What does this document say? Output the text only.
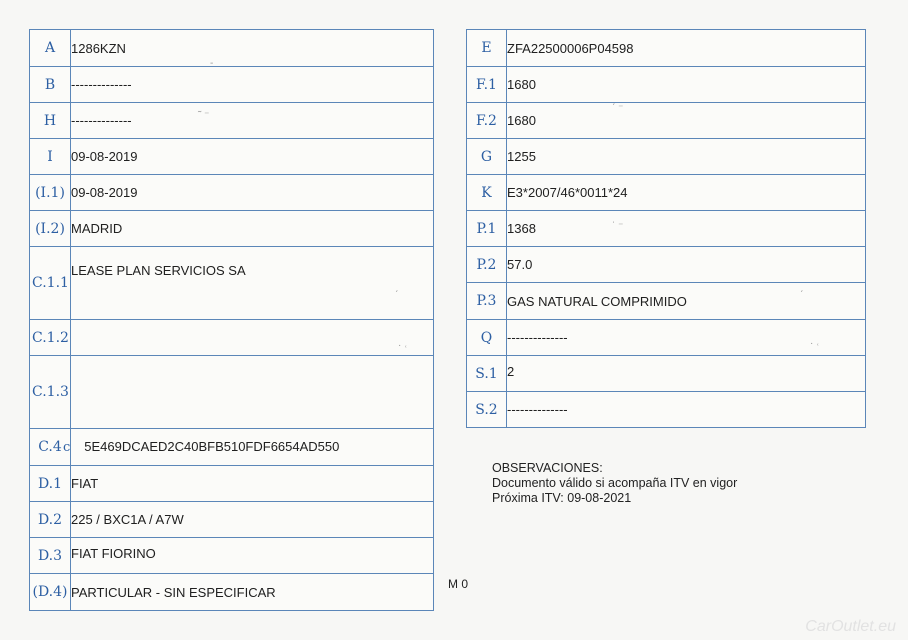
A	1286KZN
B	--------------
H	--------------
I	09-08-2019
(I.1)	09-08-2019
(I.2)	MADRID
C.1.1	LEASE PLAN SERVICIOS SA
C.1.2	
C.1.3	
C.4	c 5E469DCAED2C40BFB510FDF6654AD550
D.1	FIAT
D.2	225 / BXC1A / A7W
D.3	FIAT FIORINO
(D.4)	PARTICULAR - SIN ESPECIFICAR
E	ZFA22500006P04598
F.1	1680
F.2	1680
G	1255
K	E3*2007/46*0011*24
P.1	1368
P.2	57.0
P.3	GAS NATURAL COMPRIMIDO
Q	--------------
S.1	2
S.2	--------------
OBSERVACIONES:
Documento válido si acompaña ITV en vigor
Próxima ITV: 09-08-2021
M 0
CarOutlet.eu
-
˜ ⁻
ˊ
· ˓
ˊ ⁻
ˈ ⁻
· ˓
ˊ
